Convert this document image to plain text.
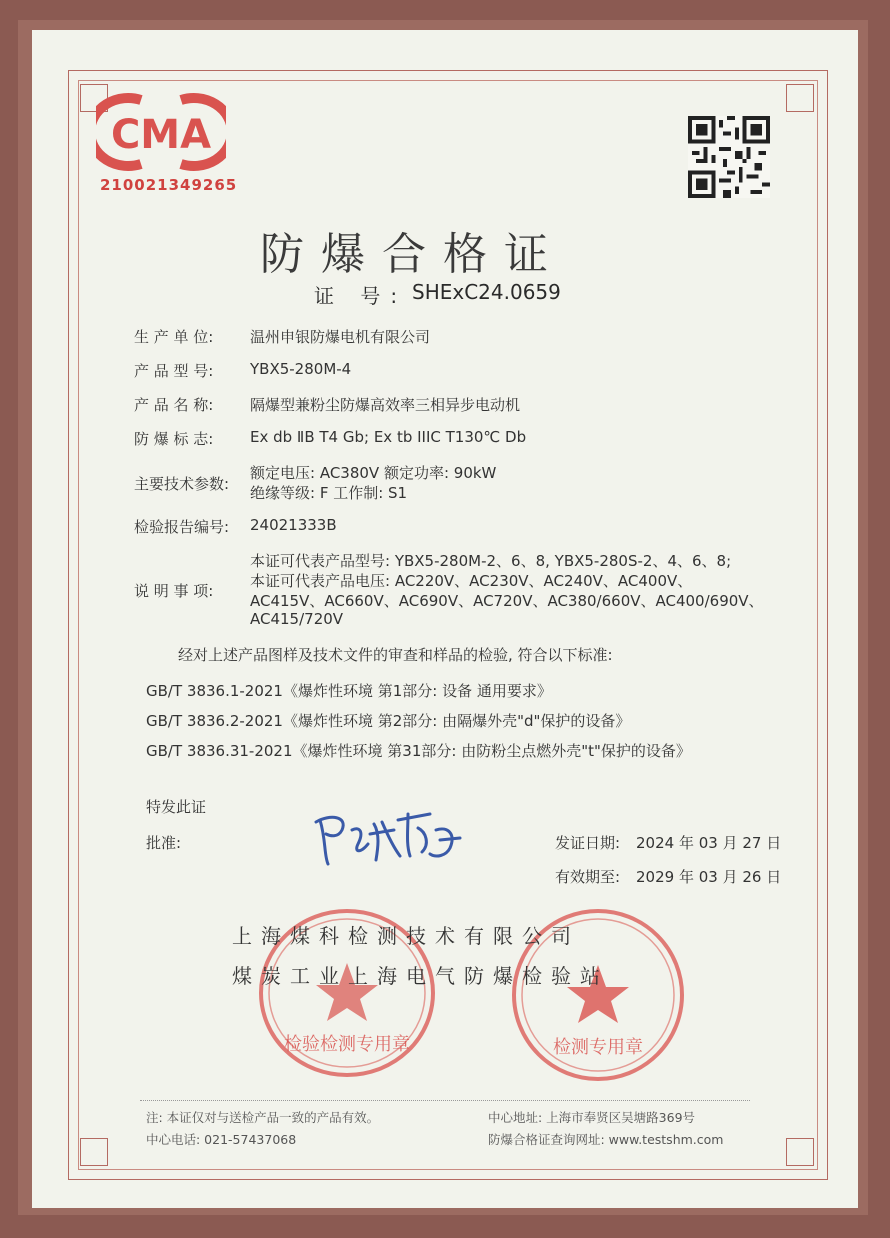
CMA
210021349265
防爆合格证
证 号: SHExC24.0659
生 产 单 位: 温州申银防爆电机有限公司
产 品 型 号: YBX5-280M-4
产 品 名 称: 隔爆型兼粉尘防爆高效率三相异步电动机
防 爆 标 志: Ex db ⅡB T4 Gb; Ex tb IIIC T130℃ Db
主要技术参数:
额定电压: AC380V 额定功率: 90kW
绝缘等级: F 工作制: S1
检验报告编号: 24021333B
说 明 事 项:
本证可代表产品型号: YBX5-280M-2、6、8, YBX5-280S-2、4、6、8;
本证可代表产品电压: AC220V、AC230V、AC240V、AC400V、
AC415V、AC660V、AC690V、AC720V、AC380/660V、AC400/690V、
AC415/720V
经对上述产品图样及技术文件的审查和样品的检验, 符合以下标准:
GB/T 3836.1-2021《爆炸性环境 第1部分: 设备 通用要求》
GB/T 3836.2-2021《爆炸性环境 第2部分: 由隔爆外壳"d"保护的设备》
GB/T 3836.31-2021《爆炸性环境 第31部分: 由防粉尘点燃外壳"t"保护的设备》
特发此证
批准:	发证日期: 2024 年 03 月 27 日
有效期至: 2029 年 03 月 26 日
检验检测专用章	检测专用章
上海煤科检测技术有限公司
煤炭工业上海电气防爆检验站
注: 本证仅对与送检产品一致的产品有效。
中心电话: 021-57437068
中心地址: 上海市奉贤区吴塘路369号
防爆合格证查询网址: www.testshm.com
